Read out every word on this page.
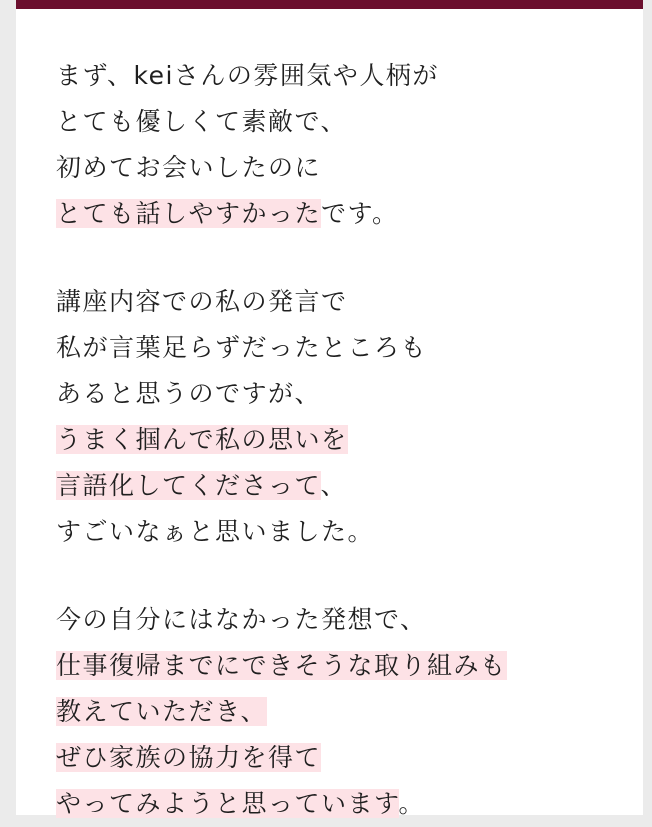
まず、keiさんの雰囲気や人柄が
とても優しくて素敵で、
初めてお会いしたのに
とても話しやすかったです。
講座内容での私の発言で
私が言葉足らずだったところも
あると思うのですが、
うまく掴んで私の思いを
言語化してくださって、
すごいなぁと思いました。
今の自分にはなかった発想で、
仕事復帰までにできそうな取り組みも
教えていただき、
ぜひ家族の協力を得て
やってみようと思っています。
